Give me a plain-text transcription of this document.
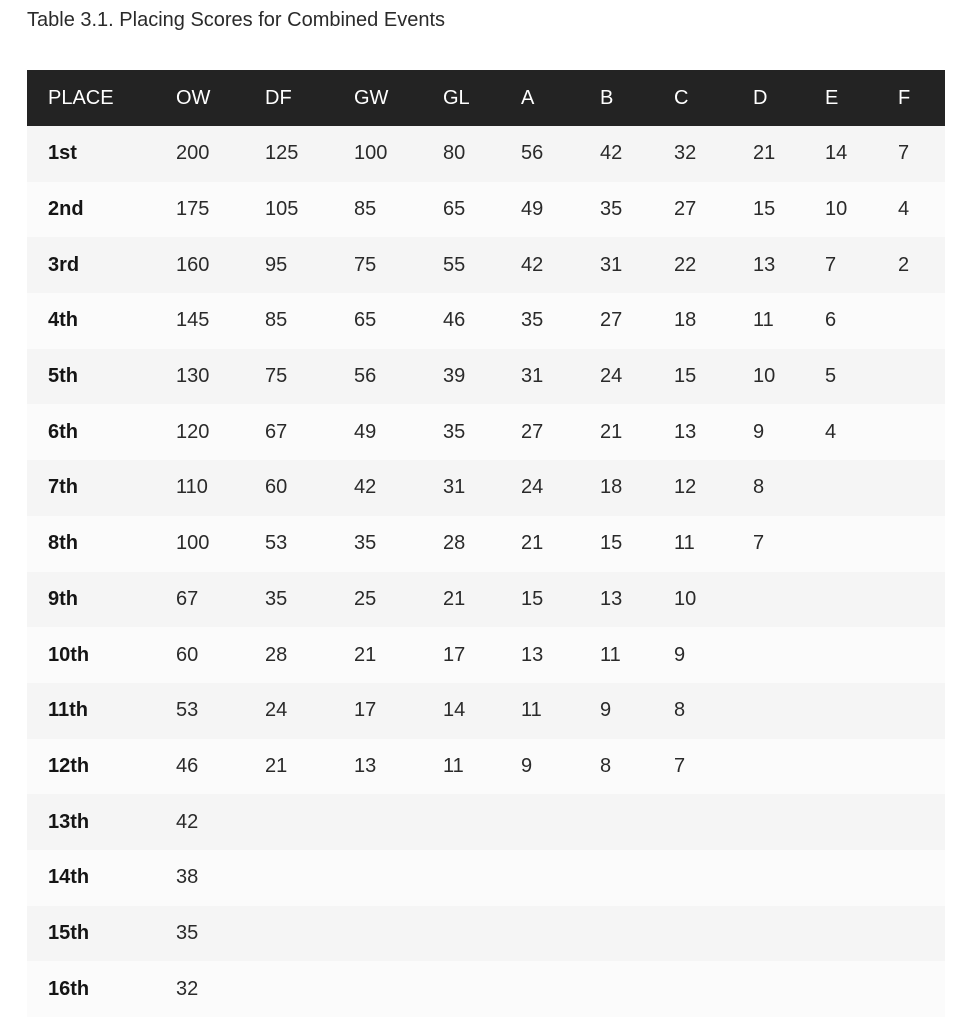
Table 3.1. Placing Scores for Combined Events
PLACE	OW	DF	GW	GL	A	B	C	D	E	F
1st	200	125	100	80	56	42	32	21	14	7
2nd	175	105	85	65	49	35	27	15	10	4
3rd	160	95	75	55	42	31	22	13	7	2
4th	145	85	65	46	35	27	18	11	6	
5th	130	75	56	39	31	24	15	10	5	
6th	120	67	49	35	27	21	13	9	4	
7th	110	60	42	31	24	18	12	8		
8th	100	53	35	28	21	15	11	7		
9th	67	35	25	21	15	13	10			
10th	60	28	21	17	13	11	9			
11th	53	24	17	14	11	9	8			
12th	46	21	13	11	9	8	7			
13th	42									
14th	38									
15th	35									
16th	32									
